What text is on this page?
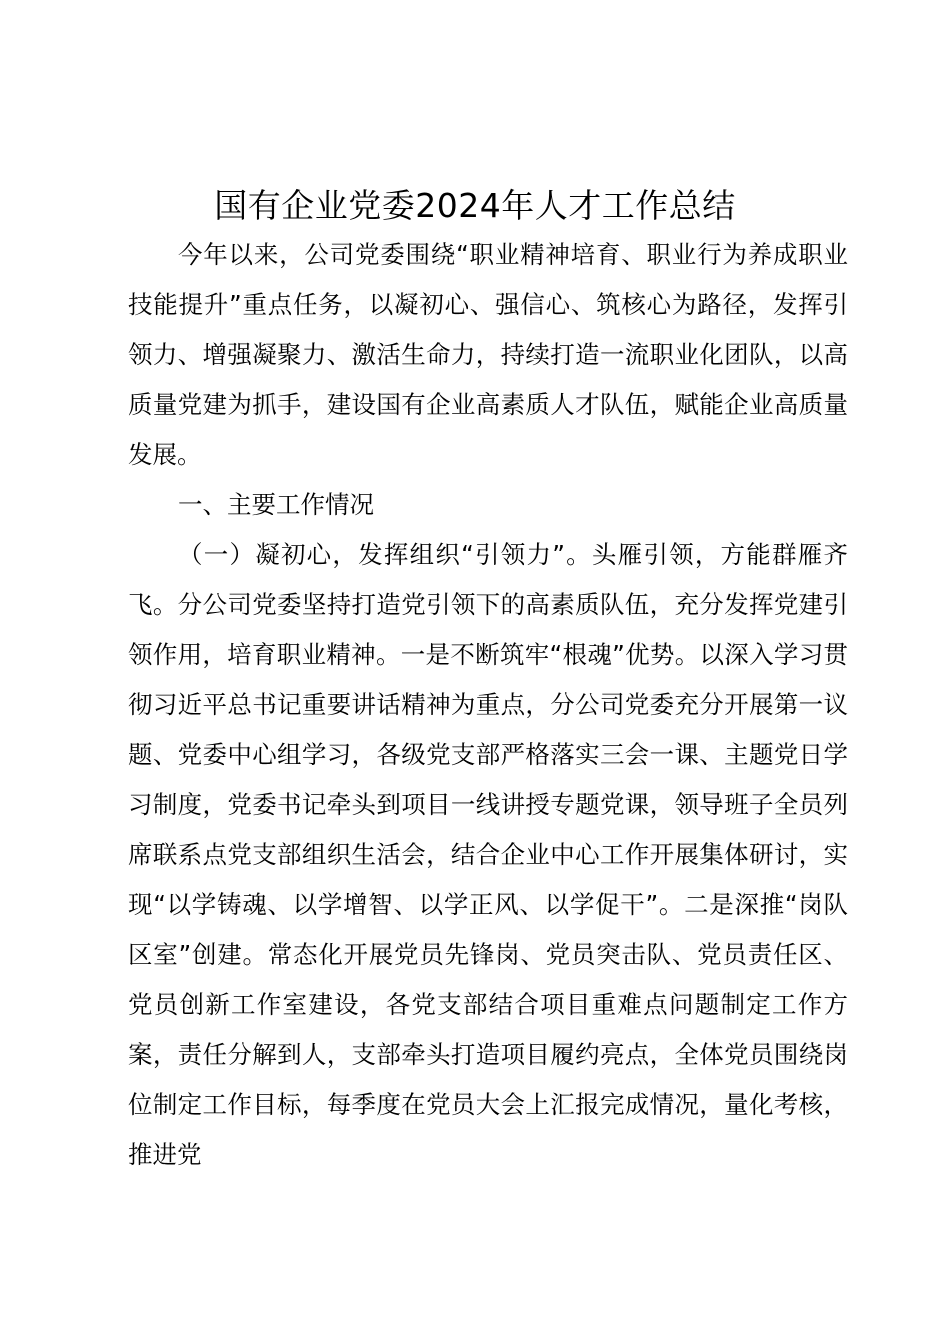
国有企业党委2024年人才工作总结

今年以来，公司党委围绕“职业精神培育、职业行为养成职业技能提升”重点任务，以凝初心、强信心、筑核心为路径，发挥引领力、增强凝聚力、激活生命力，持续打造一流职业化团队，以高质量党建为抓手，建设国有企业高素质人才队伍，赋能企业高质量发展。

一、主要工作情况

（一）凝初心，发挥组织“引领力”。头雁引领，方能群雁齐飞。分公司党委坚持打造党引领下的高素质队伍，充分发挥党建引领作用，培育职业精神。一是不断筑牢“根魂”优势。以深入学习贯彻习近平总书记重要讲话精神为重点，分公司党委充分开展第一议题、党委中心组学习，各级党支部严格落实三会一课、主题党日学习制度，党委书记牵头到项目一线讲授专题党课，领导班子全员列席联系点党支部组织生活会，结合企业中心工作开展集体研讨，实现“以学铸魂、以学增智、以学正风、以学促干”。二是深推“岗队区室”创建。常态化开展党员先锋岗、党员突击队、党员责任区、党员创新工作室建设，各党支部结合项目重难点问题制定工作方案，责任分解到人，支部牵头打造项目履约亮点，全体党员围绕岗位制定工作目标，每季度在党员大会上汇报完成情况，量化考核，推进党
